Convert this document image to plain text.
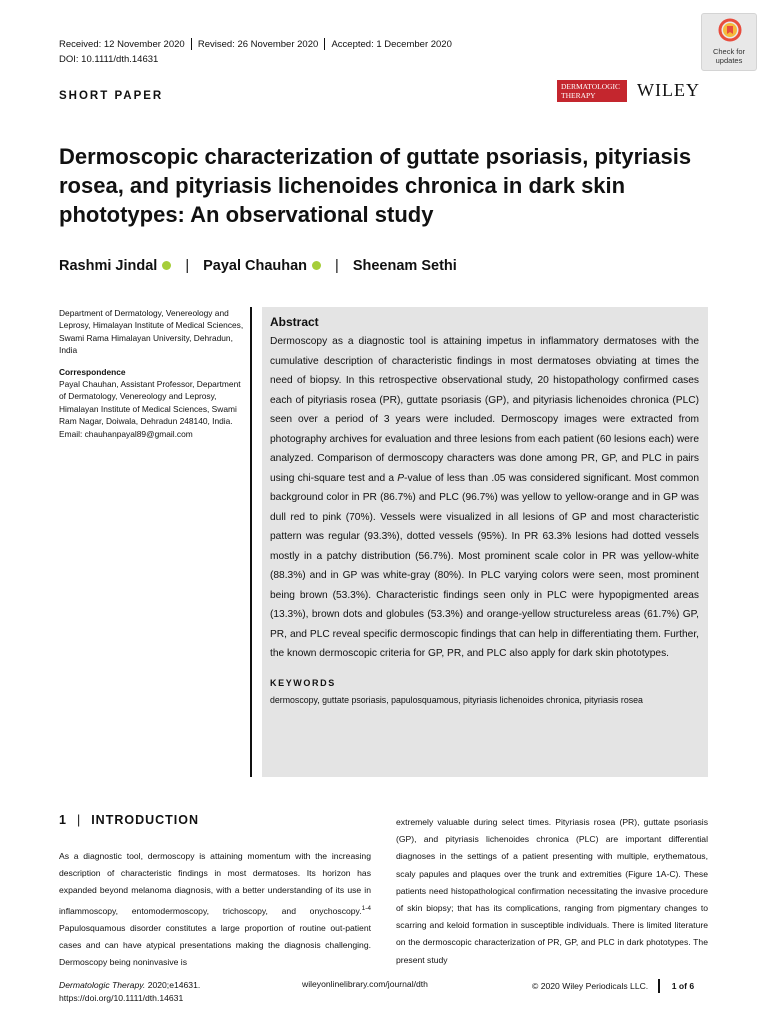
Received: 12 November 2020 Revised: 26 November 2020 Accepted: 1 December 2020
DOI: 10.1111/dth.14631
SHORT PAPER
Check for
updates
DERMATOLOGIC
THERAPY	WILEY
Dermoscopic characterization of guttate psoriasis, pityriasis rosea, and pityriasis lichenoides chronica in dark skin phototypes: An observational study
Rashmi Jindal | Payal Chauhan | Sheenam Sethi

Department of Dermatology, Venereology and Leprosy, Himalayan Institute of Medical Sciences, Swami Rama Himalayan University, Dehradun, India

Correspondence
Payal Chauhan, Assistant Professor, Department of Dermatology, Venereology and Leprosy, Himalayan Institute of Medical Sciences, Swami Ram Nagar, Doiwala, Dehradun 248140, India.
Email: chauhanpayal89@gmail.com

Abstract
Dermoscopy as a diagnostic tool is attaining impetus in inflammatory dermatoses with the cumulative description of characteristic findings in most dermatoses obviating at times the need of biopsy. In this retrospective observational study, 20 histopathology confirmed cases each of pityriasis rosea (PR), guttate psoriasis (GP), and pityriasis lichenoides chronica (PLC) seen over a period of 3 years were included. Dermoscopy images were extracted from photography archives for evaluation and three lesions from each patient (60 lesions each) were analyzed. Comparison of dermoscopy characters was done among PR, GP, and PLC in pairs using chi-square test and a P-value of less than .05 was considered significant. Most common background color in PR (86.7%) and PLC (96.7%) was yellow to yellow-orange and in GP was dull red to pink (70%). Vessels were visualized in all lesions of GP and most characteristic pattern was regular (93.3%), dotted vessels (95%). In PR 63.3% lesions had dotted vessels mostly in a patchy distribution (56.7%). Most prominent scale color in PR was yellow-white (88.3%) and in GP was white-gray (80%). In PLC varying colors were seen, most prominent being brown (53.3%). Characteristic findings seen only in PLC were hypopigmented areas (13.3%), brown dots and globules (53.3%) and orange-yellow structureless areas (61.7%) GP, PR, and PLC reveal specific dermoscopic findings that can help in differentiating them. Further, the known dermoscopic criteria for GP, PR, and PLC also apply for dark skin phototypes.
KEYWORDS
dermoscopy, guttate psoriasis, papulosquamous, pityriasis lichenoides chronica, pityriasis rosea
1 | INTRODUCTION
As a diagnostic tool, dermoscopy is attaining momentum with the increasing description of characteristic findings in most dermatoses. Its horizon has expanded beyond melanoma diagnosis, with a better understanding of its use in inflammoscopy, entomodermoscopy, trichoscopy, and onychoscopy.$^{1-4}$ Papulosquamous disorder constitutes a large proportion of routine out-patient cases and can have atypical presentations making the diagnosis challenging. Dermoscopy being noninvasive is
extremely valuable during select times. Pityriasis rosea (PR), guttate psoriasis (GP), and pityriasis lichenoides chronica (PLC) are important differential diagnoses in the settings of a patient presenting with multiple, erythematous, scaly papules and plaques over the trunk and extremities (Figure 1A-C). These patients need histopathological confirmation necessitating the invasive procedure of skin biopsy; that has its complications, ranging from pigmentary changes to scarring and keloid formation in susceptible individuals. There is limited literature on the dermoscopic characterization of PR, GP, and PLC in dark phototypes. The present study
Dermatologic Therapy. 2020;e14631.
https://doi.org/10.1111/dth.14631
wileyonlinelibrary.com/journal/dth	© 2020 Wiley Periodicals LLC.	1 of 6
